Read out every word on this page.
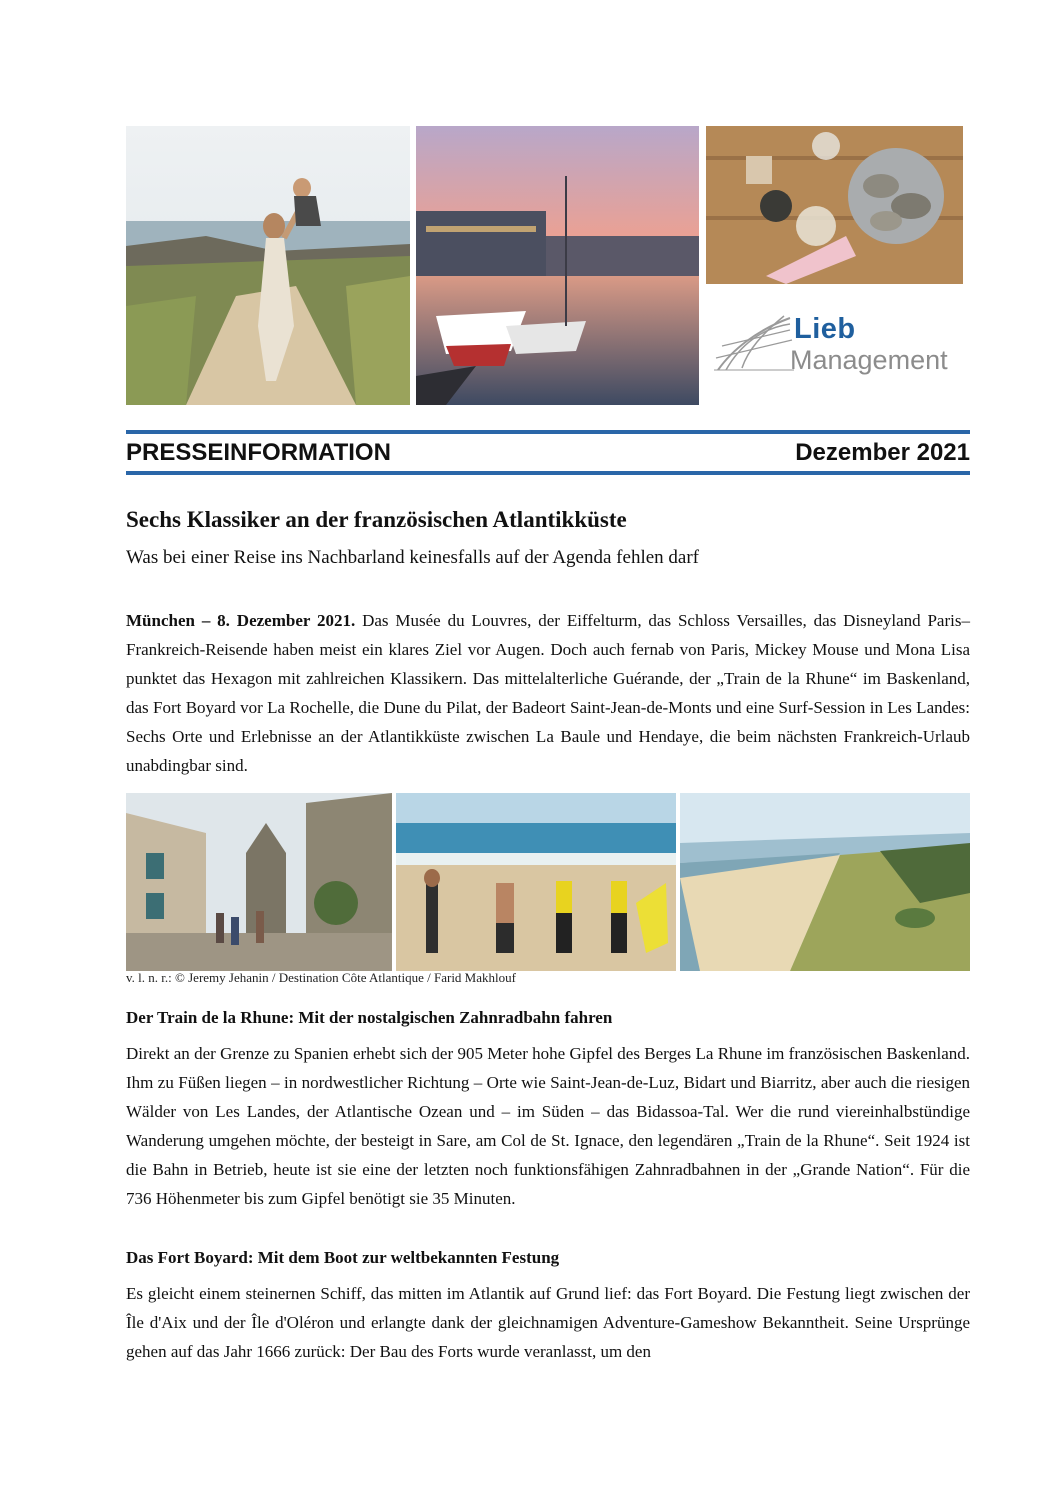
Lieb
Management
PRESSEINFORMATION	Dezember 2021
Sechs Klassiker an der französischen Atlantikküste
Was bei einer Reise ins Nachbarland keinesfalls auf der Agenda fehlen darf

München – 8. Dezember 2021. Das Musée du Louvres, der Eiffelturm, das Schloss Versailles, das Disneyland Paris– Frankreich-Reisende haben meist ein klares Ziel vor Augen. Doch auch fernab von Paris, Mickey Mouse und Mona Lisa punktet das Hexagon mit zahlreichen Klassikern. Das mittelalterliche Guérande, der „Train de la Rhune“ im Baskenland, das Fort Boyard vor La Rochelle, die Dune du Pilat, der Badeort Saint-Jean-de-Monts und eine Surf-Session in Les Landes: Sechs Orte und Erlebnisse an der Atlantikküste zwischen La Baule und Hendaye, die beim nächsten Frankreich-Urlaub unabdingbar sind.

v. l. n. r.: © Jeremy Jehanin / Destination Côte Atlantique / Farid Makhlouf
Der Train de la Rhune: Mit der nostalgischen Zahnradbahn fahren

Direkt an der Grenze zu Spanien erhebt sich der 905 Meter hohe Gipfel des Berges La Rhune im französischen Baskenland. Ihm zu Füßen liegen – in nordwestlicher Richtung – Orte wie Saint-Jean-de-Luz, Bidart und Biarritz, aber auch die riesigen Wälder von Les Landes, der Atlantische Ozean und – im Süden – das Bidassoa-Tal. Wer die rund viereinhalbstündige Wanderung umgehen möchte, der besteigt in Sare, am Col de St. Ignace, den legendären „Train de la Rhune“. Seit 1924 ist die Bahn in Betrieb, heute ist sie eine der letzten noch funktionsfähigen Zahnradbahnen in der „Grande Nation“. Für die 736 Höhenmeter bis zum Gipfel benötigt sie 35 Minuten.

Das Fort Boyard: Mit dem Boot zur weltbekannten Festung

Es gleicht einem steinernen Schiff, das mitten im Atlantik auf Grund lief: das Fort Boyard. Die Festung liegt zwischen der Île d'Aix und der Île d'Oléron und erlangte dank der gleichnamigen Adventure-Gameshow Bekanntheit. Seine Ursprünge gehen auf das Jahr 1666 zurück: Der Bau des Forts wurde veranlasst, um den
